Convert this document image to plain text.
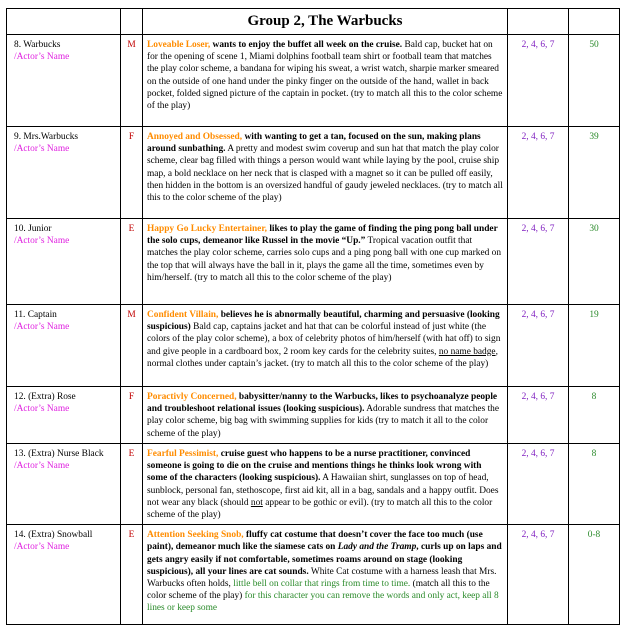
		Group 2, The Warbucks		
8. Warbucks
/Actor’s Name	M	Loveable Loser, wants to enjoy the buffet all week on the cruise. Bald cap, bucket hat on for the opening of scene 1, Miami dolphins football team shirt or football team that matches the play color scheme, a bandana for wiping his sweat, a wrist watch, sharpie marker smeared on the outside of one hand under the pinky finger on the outside of the hand, wallet in back pocket, folded signed picture of the captain in pocket. (try to match all this to the color scheme of the play)	2, 4, 6, 7	50
9. Mrs.Warbucks
/Actor’s Name	F	Annoyed and Obsessed, with wanting to get a tan, focused on the sun, making plans around sunbathing. A pretty and modest swim coverup and sun hat that match the play color scheme, clear bag filled with things a person would want while laying by the pool, cruise ship map, a bold necklace on her neck that is clasped with a magnet so it can be pulled off easily, then hidden in the bottom is an oversized handful of gaudy jeweled necklaces. (try to match all this to the color scheme of the play)	2, 4, 6, 7	39
10. Junior
/Actor’s Name	E	Happy Go Lucky Entertainer, likes to play the game of finding the ping pong ball under the solo cups, demeanor like Russel in the movie “Up.” Tropical vacation outfit that matches the play color scheme, carries solo cups and a ping pong ball with one cup marked on the top that will always have the ball in it, plays the game all the time, sometimes even by him/herself. (try to match all this to the color scheme of the play)	2, 4, 6, 7	30
11. Captain
/Actor’s Name	M	Confident Villain, believes he is abnormally beautiful, charming and persuasive (looking suspicious) Bald cap, captains jacket and hat that can be colorful instead of just white (the colors of the play color scheme), a box of celebrity photos of him/herself (with hat off) to sign and give people in a cardboard box, 2 room key cards for the celebrity suites, no name badge, normal clothes under captain’s jacket. (try to match all this to the color scheme of the play)	2, 4, 6, 7	19
12. (Extra) Rose
/Actor’s Name	F	Poractivly Concerned, babysitter/nanny to the Warbucks, likes to psychoanalyze people and troubleshoot relational issues (looking suspicious). Adorable sundress that matches the play color scheme, big bag with swimming supplies for kids (try to match it all to the color scheme of the play)	2, 4, 6, 7	8
13. (Extra) Nurse Black
/Actor’s Name	E	Fearful Pessimist, cruise guest who happens to be a nurse practitioner, convinced someone is going to die on the cruise and mentions things he thinks look wrong with some of the characters (looking suspicious). A Hawaiian shirt, sunglasses on top of head, sunblock, personal fan, stethoscope, first aid kit, all in a bag, sandals and a happy outfit. Does not wear any black (should not appear to be gothic or evil). (try to match all this to the color scheme of the play)	2, 4, 6, 7	8
14. (Extra) Snowball
/Actor’s Name	E	Attention Seeking Snob, fluffy cat costume that doesn’t cover the face too much (use paint), demeanor much like the siamese cats on Lady and the Tramp, curls up on laps and gets angry easily if not comfortable, sometimes roams around on stage (looking suspicious), all your lines are cat sounds. White Cat costume with a harness leash that Mrs. Warbucks often holds, little bell on collar that rings from time to time. (match all this to the color scheme of the play) for this character you can remove the words and only act, keep all 8 lines or keep some	2, 4, 6, 7	0-8
